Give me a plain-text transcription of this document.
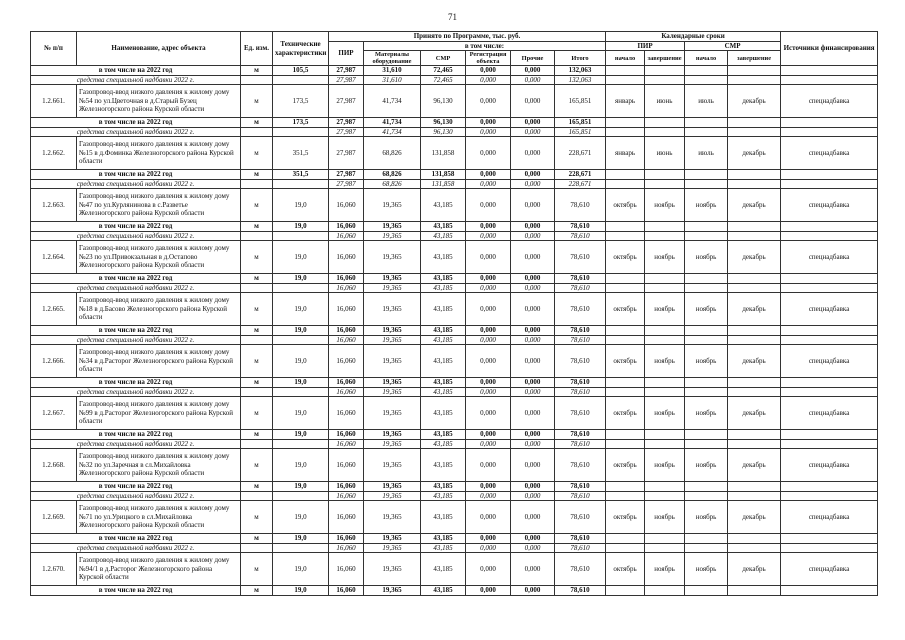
71
№ п/п	Наименование, адрес объекта	Ед. изм.	Технические характеристики	Принято по Программе, тыс. руб.						Календарные сроки				Источники финансирования
				ПИР	в том числе:					ПИР		СМР		
					Материалы оборудование	СМР	Регистрация объекта	Прочие	Итого	начало	завершение	начало	завершение	
в том числе на 2022 год		м	105,5	27,987	31,610	72,465	0,000	0,000	132,063					
средства специальной надбавки 2022 г.				27,987	31,610	72,465	0,000	0,000	132,063					
1.2.661.	Газопровод-ввод низкого давления к жилому дому №54 по ул.Цветочная в д.Старый Бузец Железногорского района Курской области	м	173,5	27,987	41,734	96,130	0,000	0,000	165,851	январь	июнь	июль	декабрь	спецнадбавка
в том числе на 2022 год		м	173,5	27,987	41,734	96,130	0,000	0,000	165,851					
средства специальной надбавки 2022 г.				27,987	41,734	96,130	0,000	0,000	165,851					
1.2.662.	Газопровод-ввод низкого давления к жилому дому №15 в д.Фоминка Железногорского района Курской области	м	351,5	27,987	68,826	131,858	0,000	0,000	228,671	январь	июнь	июль	декабрь	спецнадбавка
в том числе на 2022 год		м	351,5	27,987	68,826	131,858	0,000	0,000	228,671					
средства специальной надбавки 2022 г.				27,987	68,826	131,858	0,000	0,000	228,671					
1.2.663.	Газопровод-ввод низкого давления к жилому дому №47 по ул.Курлянинова в с.Разветье Железногорского района Курской области	м	19,0	16,060	19,365	43,185	0,000	0,000	78,610	октябрь	ноябрь	ноябрь	декабрь	спецнадбавка
в том числе на 2022 год		м	19,0	16,060	19,365	43,185	0,000	0,000	78,610					
средства специальной надбавки 2022 г.				16,060	19,365	43,185	0,000	0,000	78,610					
1.2.664.	Газопровод-ввод низкого давления к жилому дому №23 по ул.Привокзальная в д.Остапово Железногорского района Курской области	м	19,0	16,060	19,365	43,185	0,000	0,000	78,610	октябрь	ноябрь	ноябрь	декабрь	спецнадбавка
в том числе на 2022 год		м	19,0	16,060	19,365	43,185	0,000	0,000	78,610					
средства специальной надбавки 2022 г.				16,060	19,365	43,185	0,000	0,000	78,610					
1.2.665.	Газопровод-ввод низкого давления к жилому дому №18 в д.Басово Железногорского района Курской области	м	19,0	16,060	19,365	43,185	0,000	0,000	78,610	октябрь	ноябрь	ноябрь	декабрь	спецнадбавка
в том числе на 2022 год		м	19,0	16,060	19,365	43,185	0,000	0,000	78,610					
средства специальной надбавки 2022 г.				16,060	19,365	43,185	0,000	0,000	78,610					
1.2.666.	Газопровод-ввод низкого давления к жилому дому №34 в д.Расторог Железногорского района Курской области	м	19,0	16,060	19,365	43,185	0,000	0,000	78,610	октябрь	ноябрь	ноябрь	декабрь	спецнадбавка
в том числе на 2022 год		м	19,0	16,060	19,365	43,185	0,000	0,000	78,610					
средства специальной надбавки 2022 г.				16,060	19,365	43,185	0,000	0,000	78,610					
1.2.667.	Газопровод-ввод низкого давления к жилому дому №99 в д.Расторог Железногорского района Курской области	м	19,0	16,060	19,365	43,185	0,000	0,000	78,610	октябрь	ноябрь	ноябрь	декабрь	спецнадбавка
в том числе на 2022 год		м	19,0	16,060	19,365	43,185	0,000	0,000	78,610					
средства специальной надбавки 2022 г.				16,060	19,365	43,185	0,000	0,000	78,610					
1.2.668.	Газопровод-ввод низкого давления к жилому дому №32 по ул.Заречная в сл.Михайловка Железногорского района Курской области	м	19,0	16,060	19,365	43,185	0,000	0,000	78,610	октябрь	ноябрь	ноябрь	декабрь	спецнадбавка
в том числе на 2022 год		м	19,0	16,060	19,365	43,185	0,000	0,000	78,610					
средства специальной надбавки 2022 г.				16,060	19,365	43,185	0,000	0,000	78,610					
1.2.669.	Газопровод-ввод низкого давления к жилому дому №71 по ул.Урицкого в сл.Михайловка Железногорского района Курской области	м	19,0	16,060	19,365	43,185	0,000	0,000	78,610	октябрь	ноябрь	ноябрь	декабрь	спецнадбавка
в том числе на 2022 год		м	19,0	16,060	19,365	43,185	0,000	0,000	78,610					
средства специальной надбавки 2022 г.				16,060	19,365	43,185	0,000	0,000	78,610					
1.2.670.	Газопровод-ввод низкого давления к жилому дому №94/1 в д.Расторог Железногорского района Курской области	м	19,0	16,060	19,365	43,185	0,000	0,000	78,610	октябрь	ноябрь	ноябрь	декабрь	спецнадбавка
в том числе на 2022 год		м	19,0	16,060	19,365	43,185	0,000	0,000	78,610					
